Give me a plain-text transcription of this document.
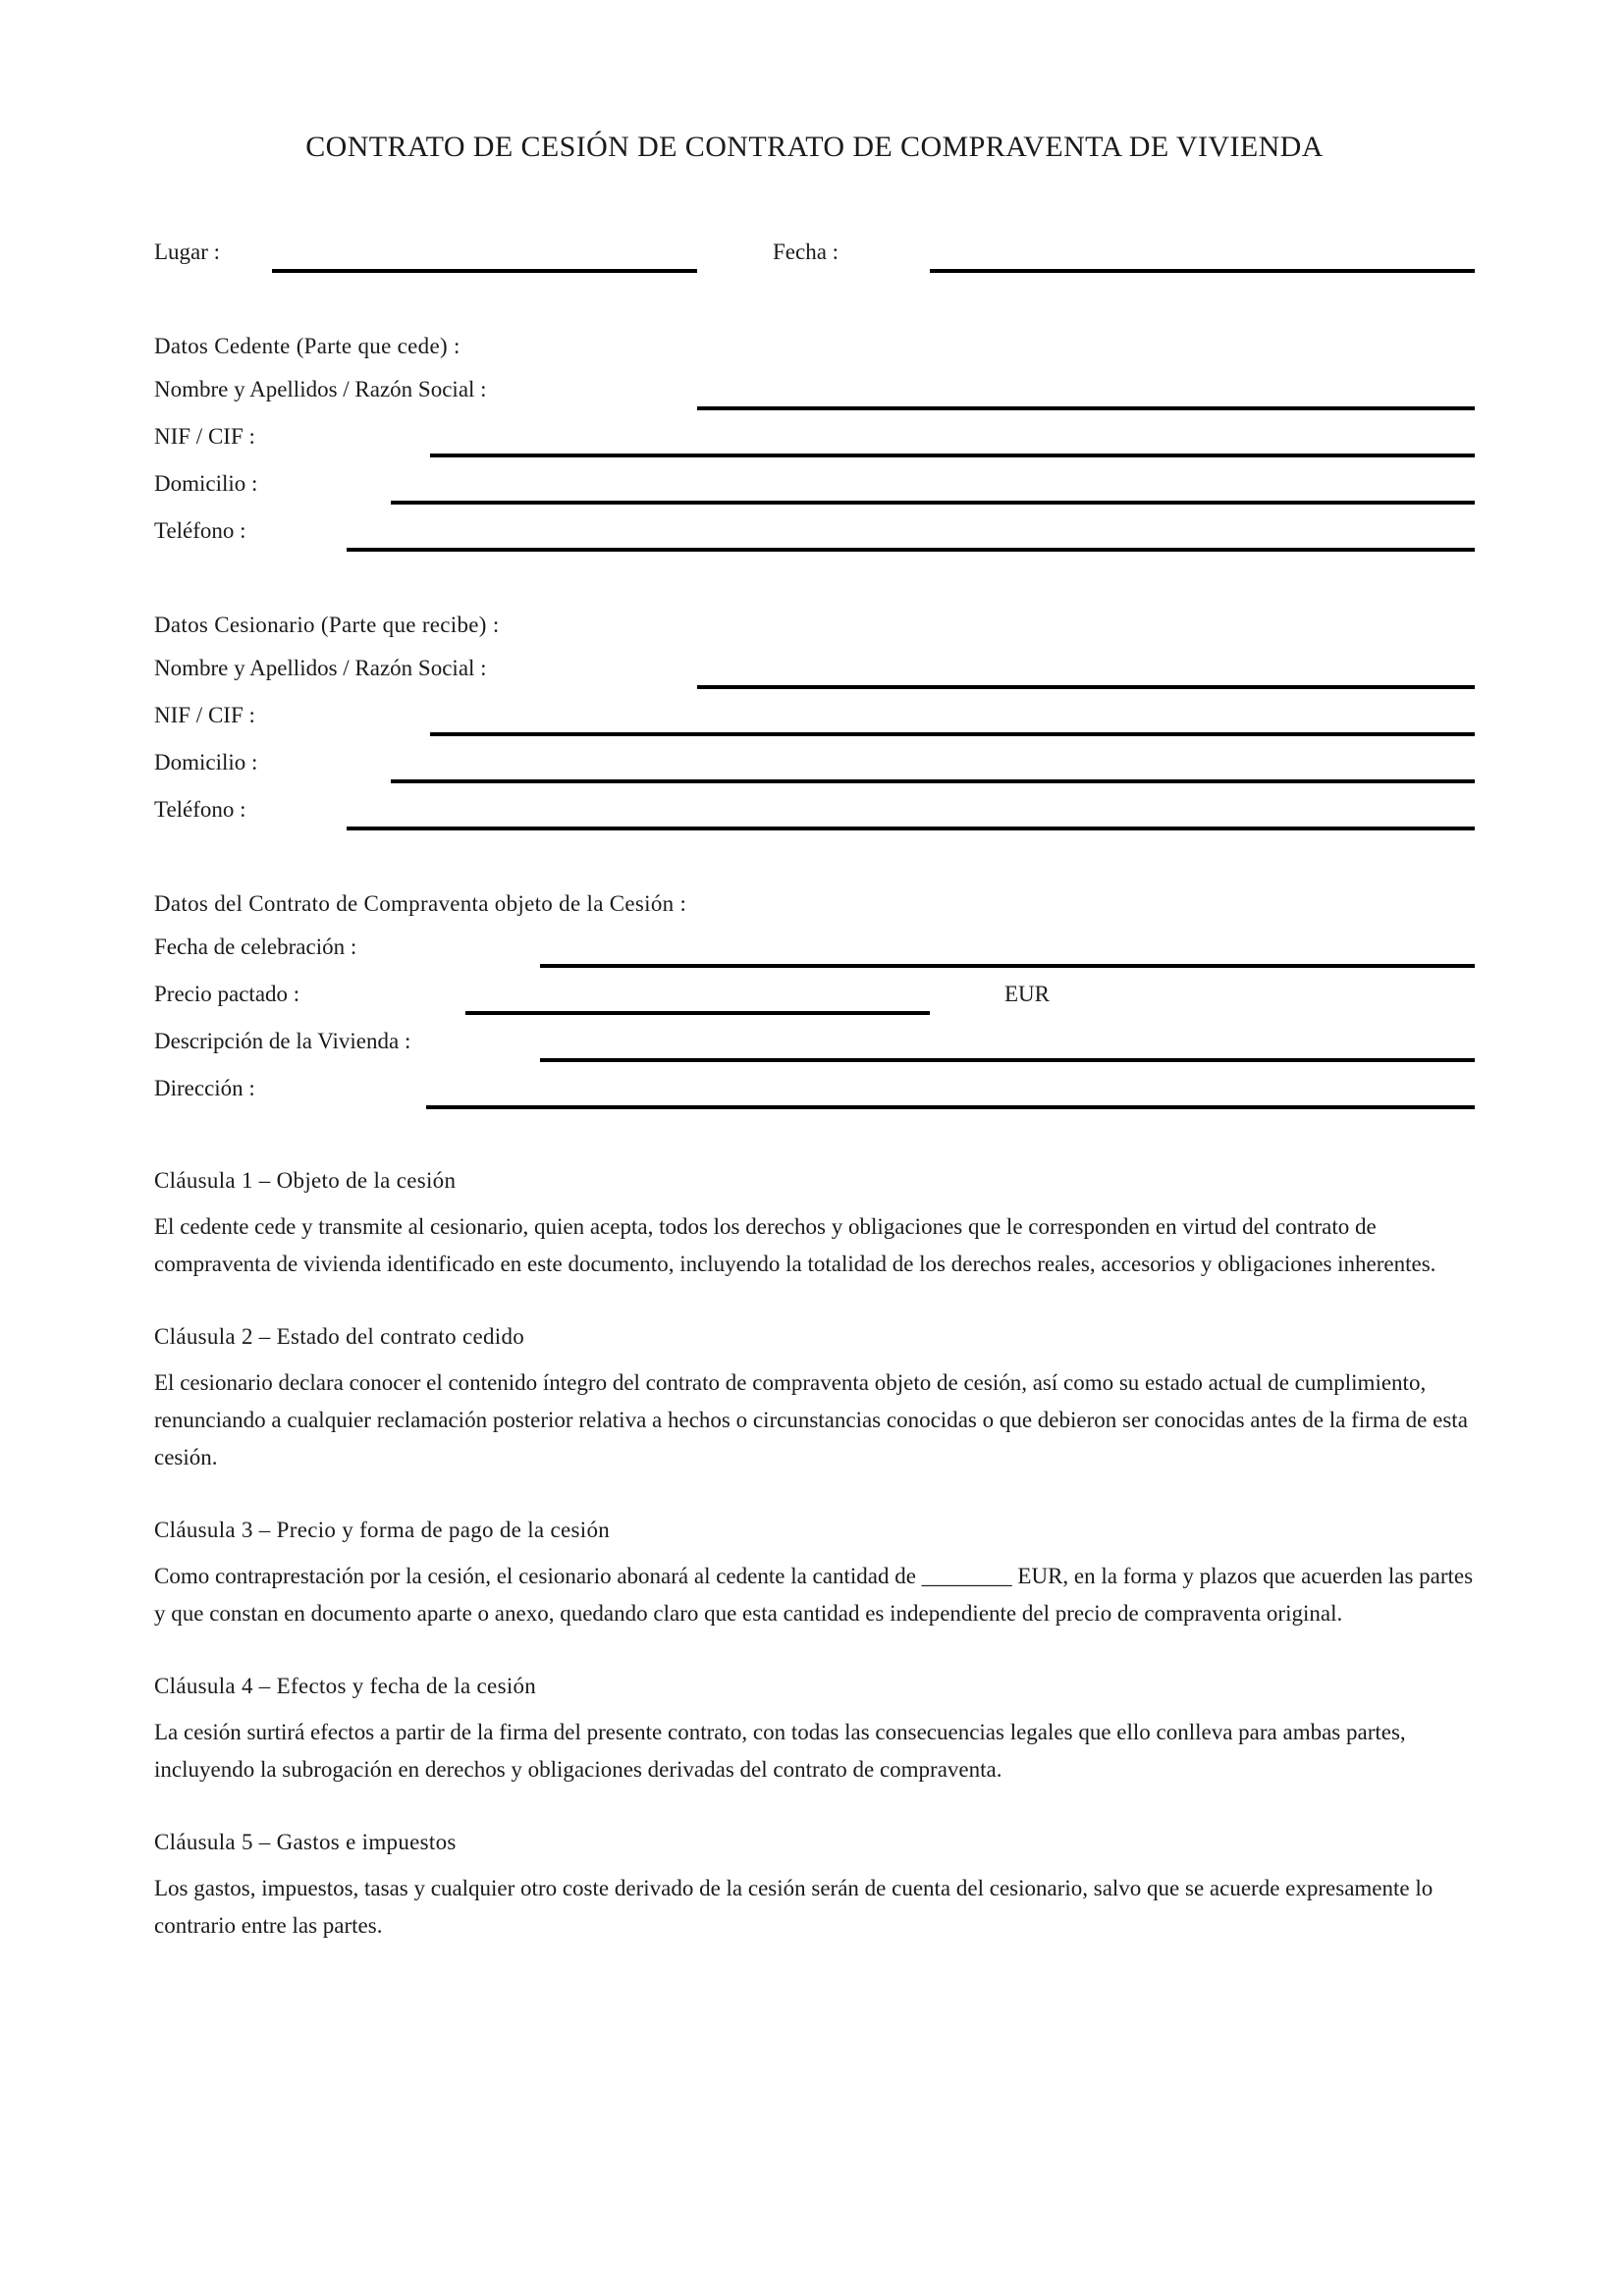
CONTRATO DE CESIÓN DE CONTRATO DE COMPRAVENTA DE VIVIENDA
Lugar :	Fecha :
Datos Cedente (Parte que cede) :
Nombre y Apellidos / Razón Social :
NIF / CIF :
Domicilio :
Teléfono :
Datos Cesionario (Parte que recibe) :
Nombre y Apellidos / Razón Social :
NIF / CIF :
Domicilio :
Teléfono :
Datos del Contrato de Compraventa objeto de la Cesión :
Fecha de celebración :
Precio pactado :	EUR
Descripción de la Vivienda :
Dirección :
Cláusula 1 – Objeto de la cesión

El cedente cede y transmite al cesionario, quien acepta, todos los derechos y obligaciones que le corresponden en virtud del contrato de compraventa de vivienda identificado en este documento, incluyendo la totalidad de los derechos reales, accesorios y obligaciones inherentes.

Cláusula 2 – Estado del contrato cedido

El cesionario declara conocer el contenido íntegro del contrato de compraventa objeto de cesión, así como su estado actual de cumplimiento, renunciando a cualquier reclamación posterior relativa a hechos o circunstancias conocidas o que debieron ser conocidas antes de la firma de esta cesión.

Cláusula 3 – Precio y forma de pago de la cesión

Como contraprestación por la cesión, el cesionario abonará al cedente la cantidad de ________ EUR, en la forma y plazos que acuerden las partes y que constan en documento aparte o anexo, quedando claro que esta cantidad es independiente del precio de compraventa original.

Cláusula 4 – Efectos y fecha de la cesión

La cesión surtirá efectos a partir de la firma del presente contrato, con todas las consecuencias legales que ello conlleva para ambas partes, incluyendo la subrogación en derechos y obligaciones derivadas del contrato de compraventa.

Cláusula 5 – Gastos e impuestos

Los gastos, impuestos, tasas y cualquier otro coste derivado de la cesión serán de cuenta del cesionario, salvo que se acuerde expresamente lo contrario entre las partes.
